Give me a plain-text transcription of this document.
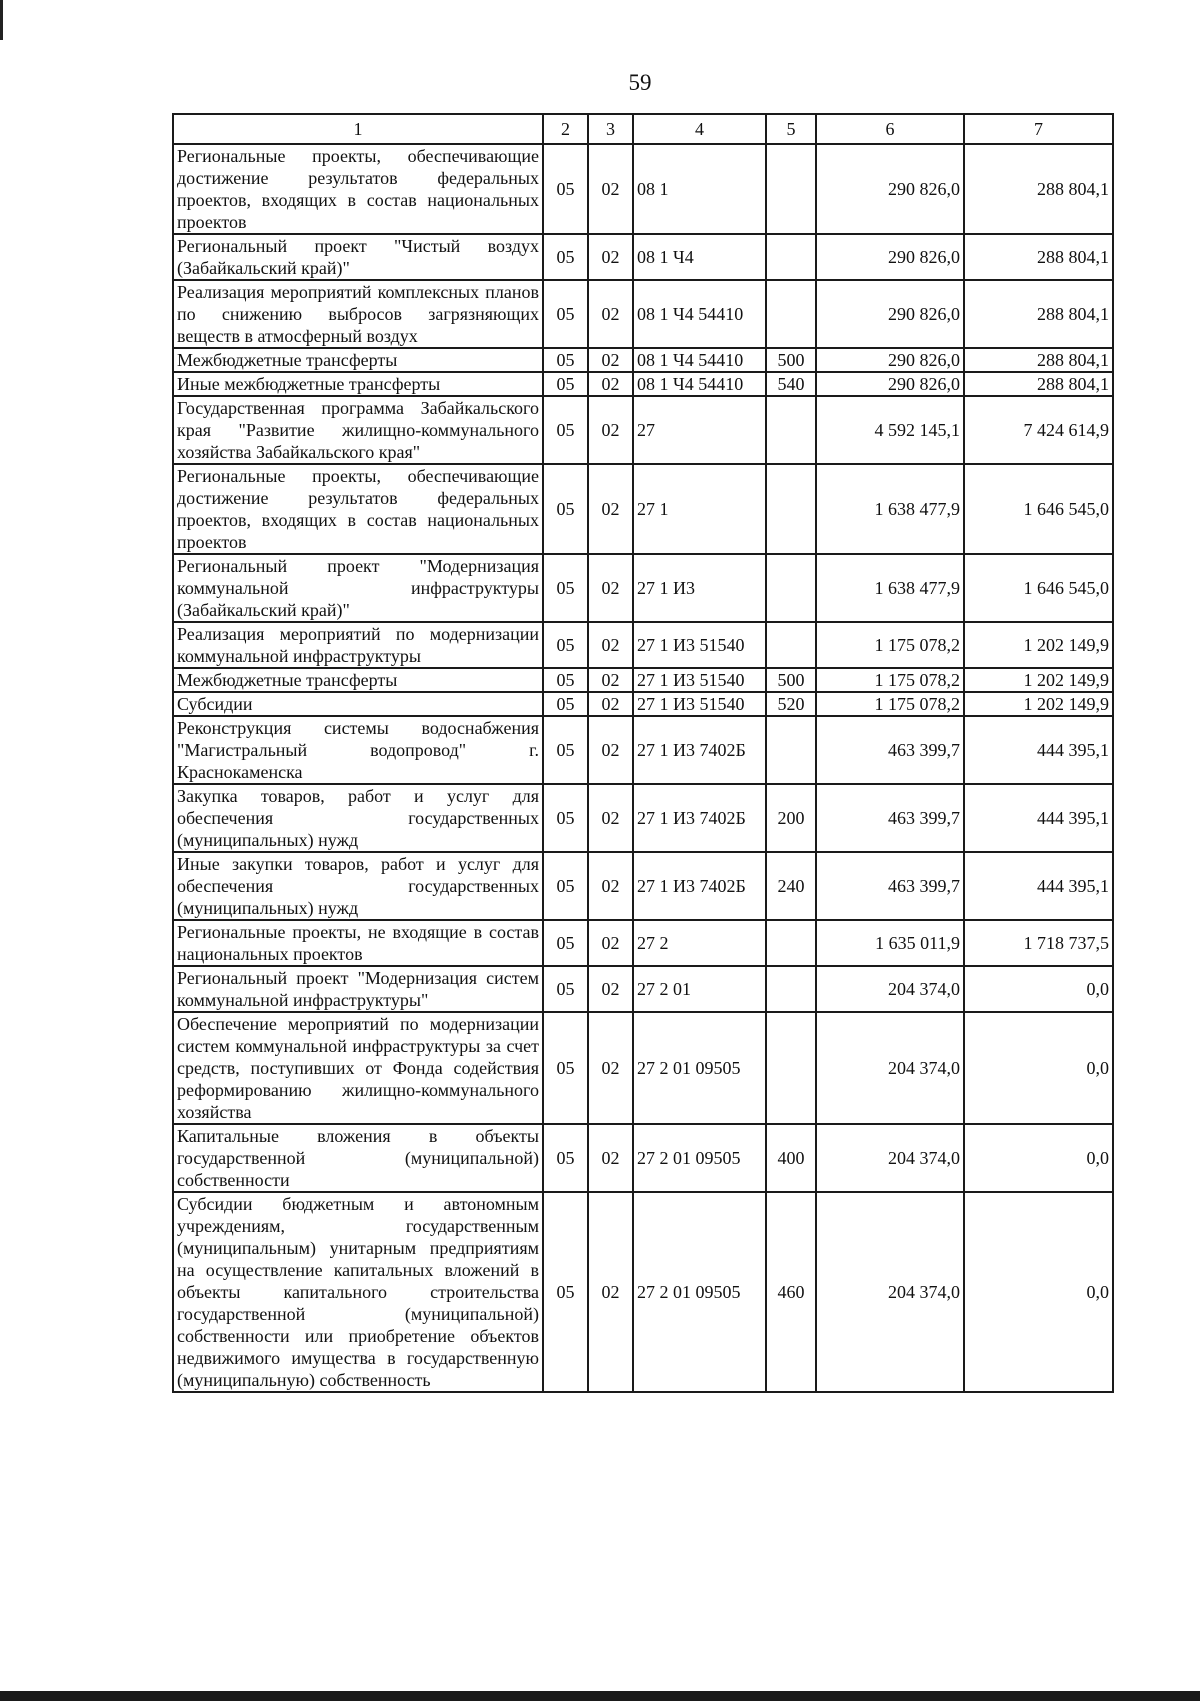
59
1	2	3	4	5	6	7
Региональные проекты, обеспечивающие достижение результатов федеральных проектов, входящих в состав национальных проектов	05	02	08 1		290 826,0	288 804,1
Региональный проект "Чистый воздух (Забайкальский край)"	05	02	08 1 Ч4		290 826,0	288 804,1
Реализация мероприятий комплексных планов по снижению выбросов загрязняющих веществ в атмосферный воздух	05	02	08 1 Ч4 54410		290 826,0	288 804,1
Межбюджетные трансферты	05	02	08 1 Ч4 54410	500	290 826,0	288 804,1
Иные межбюджетные трансферты	05	02	08 1 Ч4 54410	540	290 826,0	288 804,1
Государственная программа Забайкальского края "Развитие жилищно-коммунального хозяйства Забайкальского края"	05	02	27		4 592 145,1	7 424 614,9
Региональные проекты, обеспечивающие достижение результатов федеральных проектов, входящих в состав национальных проектов	05	02	27 1		1 638 477,9	1 646 545,0
Региональный проект "Модернизация коммунальной инфраструктуры (Забайкальский край)"	05	02	27 1 И3		1 638 477,9	1 646 545,0
Реализация мероприятий по модернизации коммунальной инфраструктуры	05	02	27 1 И3 51540		1 175 078,2	1 202 149,9
Межбюджетные трансферты	05	02	27 1 И3 51540	500	1 175 078,2	1 202 149,9
Субсидии	05	02	27 1 И3 51540	520	1 175 078,2	1 202 149,9
Реконструкция системы водоснабжения "Магистральный водопровод" г. Краснокаменска	05	02	27 1 И3 7402Б		463 399,7	444 395,1
Закупка товаров, работ и услуг для обеспечения государственных (муниципальных) нужд	05	02	27 1 И3 7402Б	200	463 399,7	444 395,1
Иные закупки товаров, работ и услуг для обеспечения государственных (муниципальных) нужд	05	02	27 1 И3 7402Б	240	463 399,7	444 395,1
Региональные проекты, не входящие в состав национальных проектов	05	02	27 2		1 635 011,9	1 718 737,5
Региональный проект "Модернизация систем коммунальной инфраструктуры"	05	02	27 2 01		204 374,0	0,0
Обеспечение мероприятий по модернизации систем коммунальной инфраструктуры за счет средств, поступивших от Фонда содействия реформированию жилищно-коммунального хозяйства	05	02	27 2 01 09505		204 374,0	0,0
Капитальные вложения в объекты государственной (муниципальной) собственности	05	02	27 2 01 09505	400	204 374,0	0,0
Субсидии бюджетным и автономным учреждениям, государственным (муниципальным) унитарным предприятиям на осуществление капитальных вложений в объекты капитального строительства государственной (муниципальной) собственности или приобретение объектов недвижимого имущества в государственную (муниципальную) собственность	05	02	27 2 01 09505	460	204 374,0	0,0
